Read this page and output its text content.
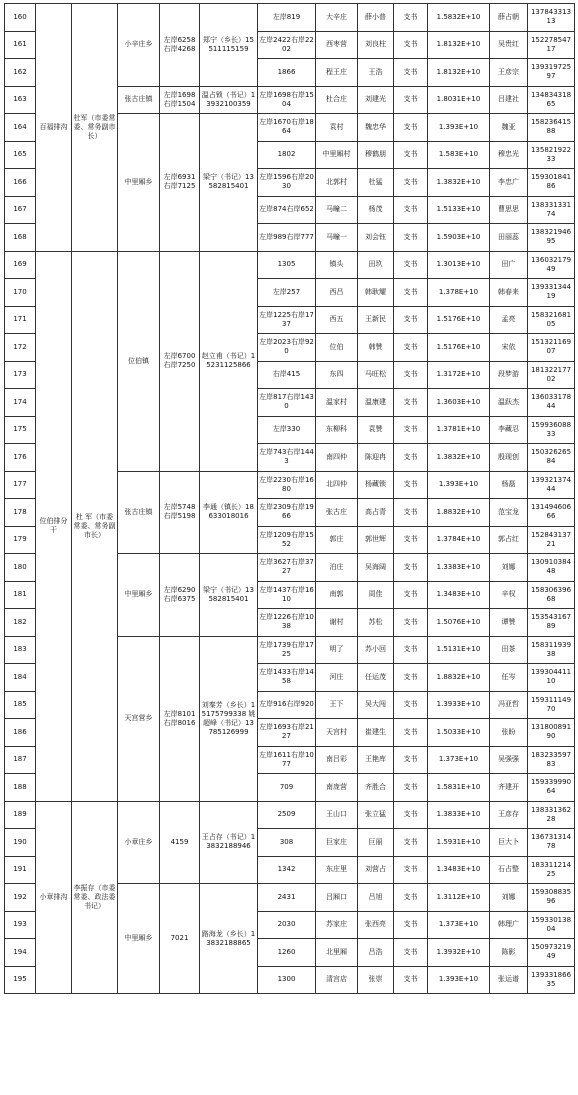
160	百福排沟	杜军（市委常委、常务副市长）	小辛庄乡	左岸6258 右岸4268	郑宁（乡长）15511115159	左岸819	大辛庄	薛小普	支书	1.5832E+10	薛占朝	13784331313
161						左岸2422右岸2202	西枣营	刘良柱	支书	1.8132E+10	吴贵红	15227854717
162						1866	程王庄	王浩	支书	1.8132E+10	王彦宗	13931972597
163			张古庄镇	左岸1698 右岸1504	温占锁（书记）13932100359	左岸1698右岸1504	杜合庄	刘建光	支书	1.8031E+10	吕建社	13483431865
164			中里厢乡	左岸6931 右岸7125	梁宁（书记）13582815401	左岸1670右岸1864	袁村	魏忠华	支书	1.393E+10	魏亚	15823641588
165						1802	中里厢村	穆鹤朋	支书	1.583E+10	穆忠光	13582192233
166						左岸1596右岸2030	北郭村	杜猛	支书	1.3832E+10	李忠广	15930184186
167						左岸874右岸652	马疃二	杨茂	支书	1.5133E+10	曹思思	13833133174
168						左岸989右岸777	马疃一	刘会钰	支书	1.5903E+10	田丽蕊	13832194695
169	位伯排分干	杜 军（市委常委、常务副市长）	位伯镇	左岸6700 右岸7250	赵立甫（书记）15231125866	1305	镇头	田玖	支书	1.3013E+10	田广	13603217949
170						左岸257	西吕	韩耿耀	支书	1.378E+10	韩春来	13933134419
171						左岸1225右岸1737	西五	王新民	支书	1.5176E+10	孟亮	15832168105
172						左岸2023右岸920	位伯	韩赞	支书	1.5176E+10	宋依	15132116907
173						右岸415	东四	马旺松	支书	1.3172E+10	段梦游	18132217702
174						左岸817右岸1430	温家村	温康建	支书	1.3603E+10	温跃杰	13603317844
175						左岸330	东柳科	袁赞	支书	1.3781E+10	李藏忍	15993608833
176						左岸743右岸1443	南四仲	陈迎冉	支书	1.3832E+10	殷现创	15032626584
177			张古庄镇	左岸5748 右岸5198	李通（镇长）18633018016	左岸2230右岸1680	北四仲	杨藏锁	支书	1.393E+10	杨磊	13932137444
178						左岸2309右岸1966	张古庄	高占青	支书	1.8832E+10	范宝龙	13149460666
179						左岸1209右岸1552	郭庄	郭世辉	支书	1.3784E+10	郭占红	15284313721
180			中里厢乡	左岸6290 右岸6375	梁宁（书记）13582815401	左岸3627右岸3727	泊庄	吴海阔	支书	1.3383E+10	刘娜	13091038448
181						左岸1437右岸1610	南郭	周佳	支书	1.3483E+10	辛权	15830639668
182						左岸1226右岸1038	谢村	苏松	支书	1.5076E+10	谭赞	15354316789
183			天宫营乡	左岸8101 右岸8016	刘秦芳（乡长）15175799338 姚超峰（书记）13785126999	左岸1739右岸1725	明了	苏小回	支书	1.5131E+10	田茶	15831193938
184						左岸1433右岸1458	河庄	任运茂	支书	1.8832E+10	任岑	13930441110
185						左岸916右岸920	王下	吴大闯	支书	1.3933E+10	冯亚哲	15931114970
186						左岸1693右岸2127	天宫村	崔建生	支书	1.5033E+10	张盼	13180089190
187						左岸1611右岸1077	南吕彩	王艳库	支书	1.373E+10	吴强强	18323359783
188						709	南庞营	齐胜合	支书	1.5831E+10	齐建开	15933999064
189	小章排沟	李振存（市委常委、政法委书记）	小章庄乡	4159	王占存（书记）13832188946	2509	王山口	张立猛	支书	1.3833E+10	王彦存	13833136228
190						308	巨家庄	巨丽	支书	1.5931E+10	巨大卜	13673131478
191						1342	东庄里	刘营占	支书	1.3483E+10	石占整	18331121425
192			中里厢乡	7021	路海龙（乡长）13832188865	2431	吕厢口	吕旭	支书	1.3112E+10	刘娜	15930883596
193						2030	苏家庄	张西亮	支书	1.373E+10	韩理广	15933013804
194						1260	北里厢	吕浩	支书	1.3932E+10	陈影	15097321949
195						1300	清宫店	张崇	支书	1.393E+10	张运谱	13933186635
